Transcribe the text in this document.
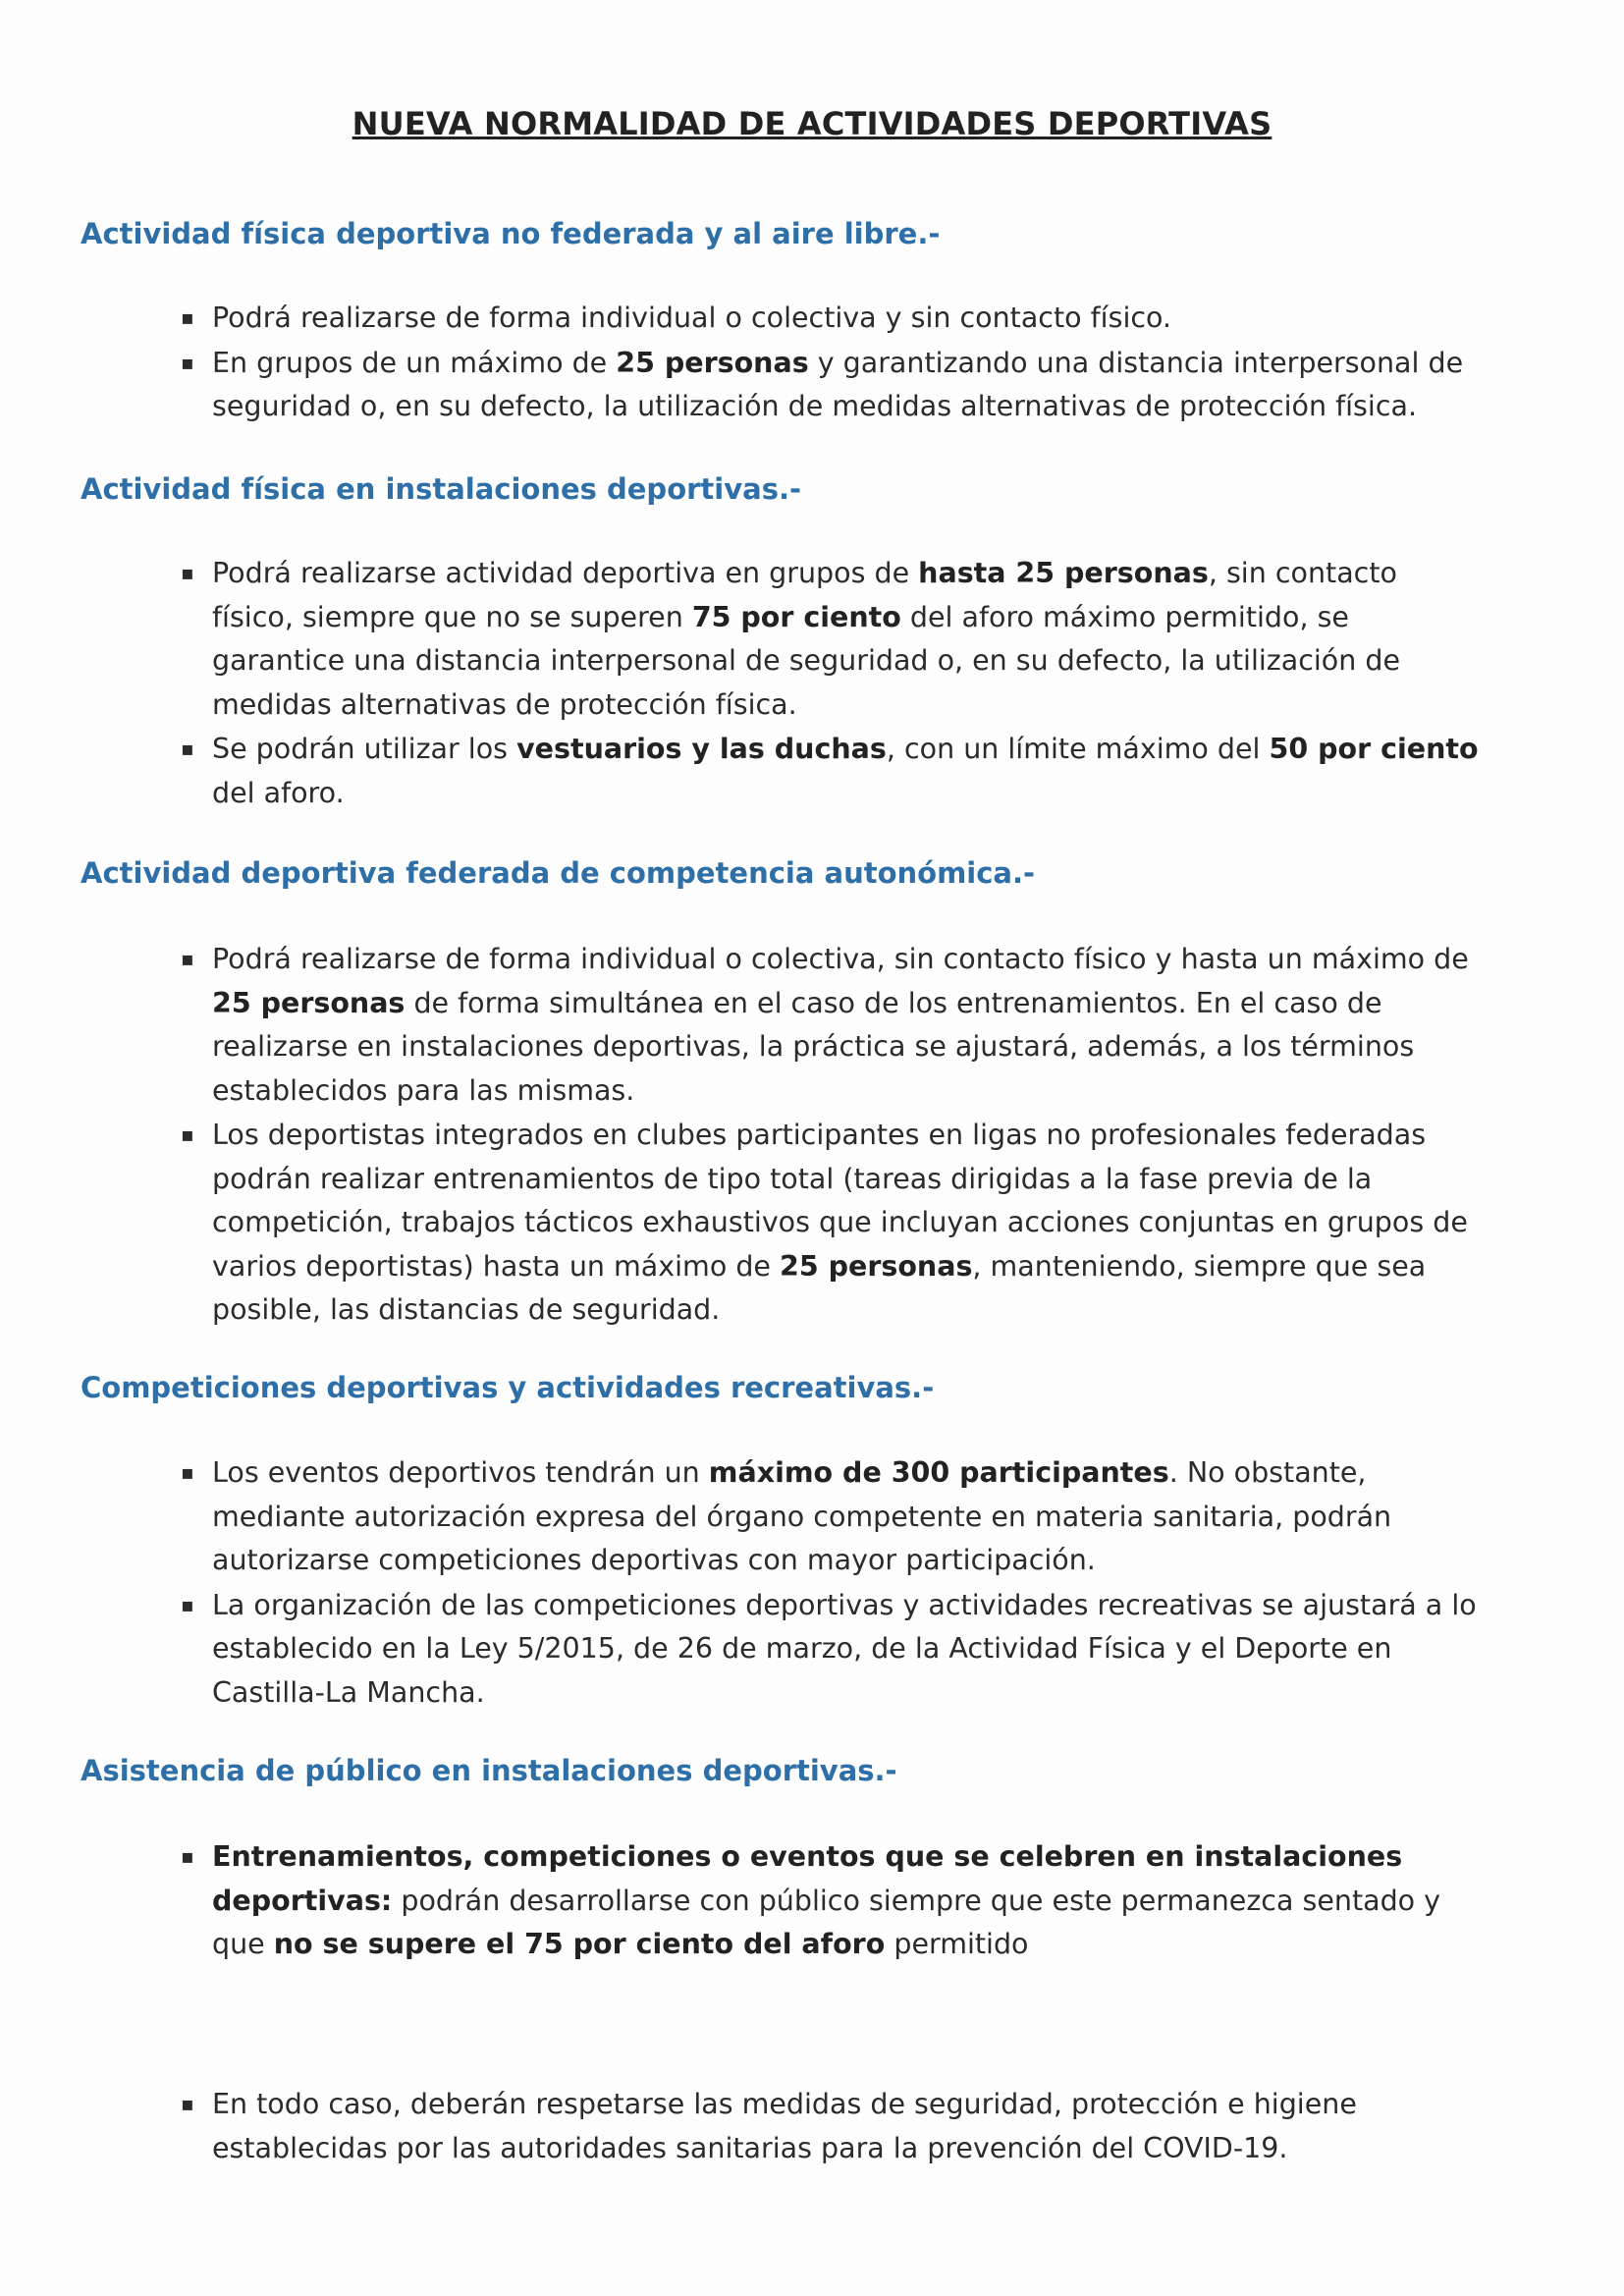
NUEVA NORMALIDAD DE ACTIVIDADES DEPORTIVAS
Actividad física deportiva no federada y al aire libre.-
▪ Podrá realizarse de forma individual o colectiva y sin contacto físico.
▪ En grupos de un máximo de 25 personas y garantizando una distancia interpersonal de seguridad o, en su defecto, la utilización de medidas alternativas de protección física.
Actividad física en instalaciones deportivas.-
▪ Podrá realizarse actividad deportiva en grupos de hasta 25 personas, sin contacto físico, siempre que no se superen 75 por ciento del aforo máximo permitido, se garantice una distancia interpersonal de seguridad o, en su defecto, la utilización de medidas alternativas de protección física.
▪ Se podrán utilizar los vestuarios y las duchas, con un límite máximo del 50 por ciento del aforo.
Actividad deportiva federada de competencia autonómica.-
▪ Podrá realizarse de forma individual o colectiva, sin contacto físico y hasta un máximo de 25 personas de forma simultánea en el caso de los entrenamientos. En el caso de realizarse en instalaciones deportivas, la práctica se ajustará, además, a los términos establecidos para las mismas.
▪ Los deportistas integrados en clubes participantes en ligas no profesionales federadas podrán realizar entrenamientos de tipo total (tareas dirigidas a la fase previa de la competición, trabajos tácticos exhaustivos que incluyan acciones conjuntas en grupos de varios deportistas) hasta un máximo de 25 personas, manteniendo, siempre que sea posible, las distancias de seguridad.
Competiciones deportivas y actividades recreativas.-
▪ Los eventos deportivos tendrán un máximo de 300 participantes. No obstante, mediante autorización expresa del órgano competente en materia sanitaria, podrán autorizarse competiciones deportivas con mayor participación.
▪ La organización de las competiciones deportivas y actividades recreativas se ajustará a lo establecido en la Ley 5/2015, de 26 de marzo, de la Actividad Física y el Deporte en Castilla-La Mancha.
Asistencia de público en instalaciones deportivas.-
▪ Entrenamientos, competiciones o eventos que se celebren en instalaciones deportivas: podrán desarrollarse con público siempre que este permanezca sentado y que no se supere el 75 por ciento del aforo permitido
▪ En todo caso, deberán respetarse las medidas de seguridad, protección e higiene establecidas por las autoridades sanitarias para la prevención del COVID-19.
